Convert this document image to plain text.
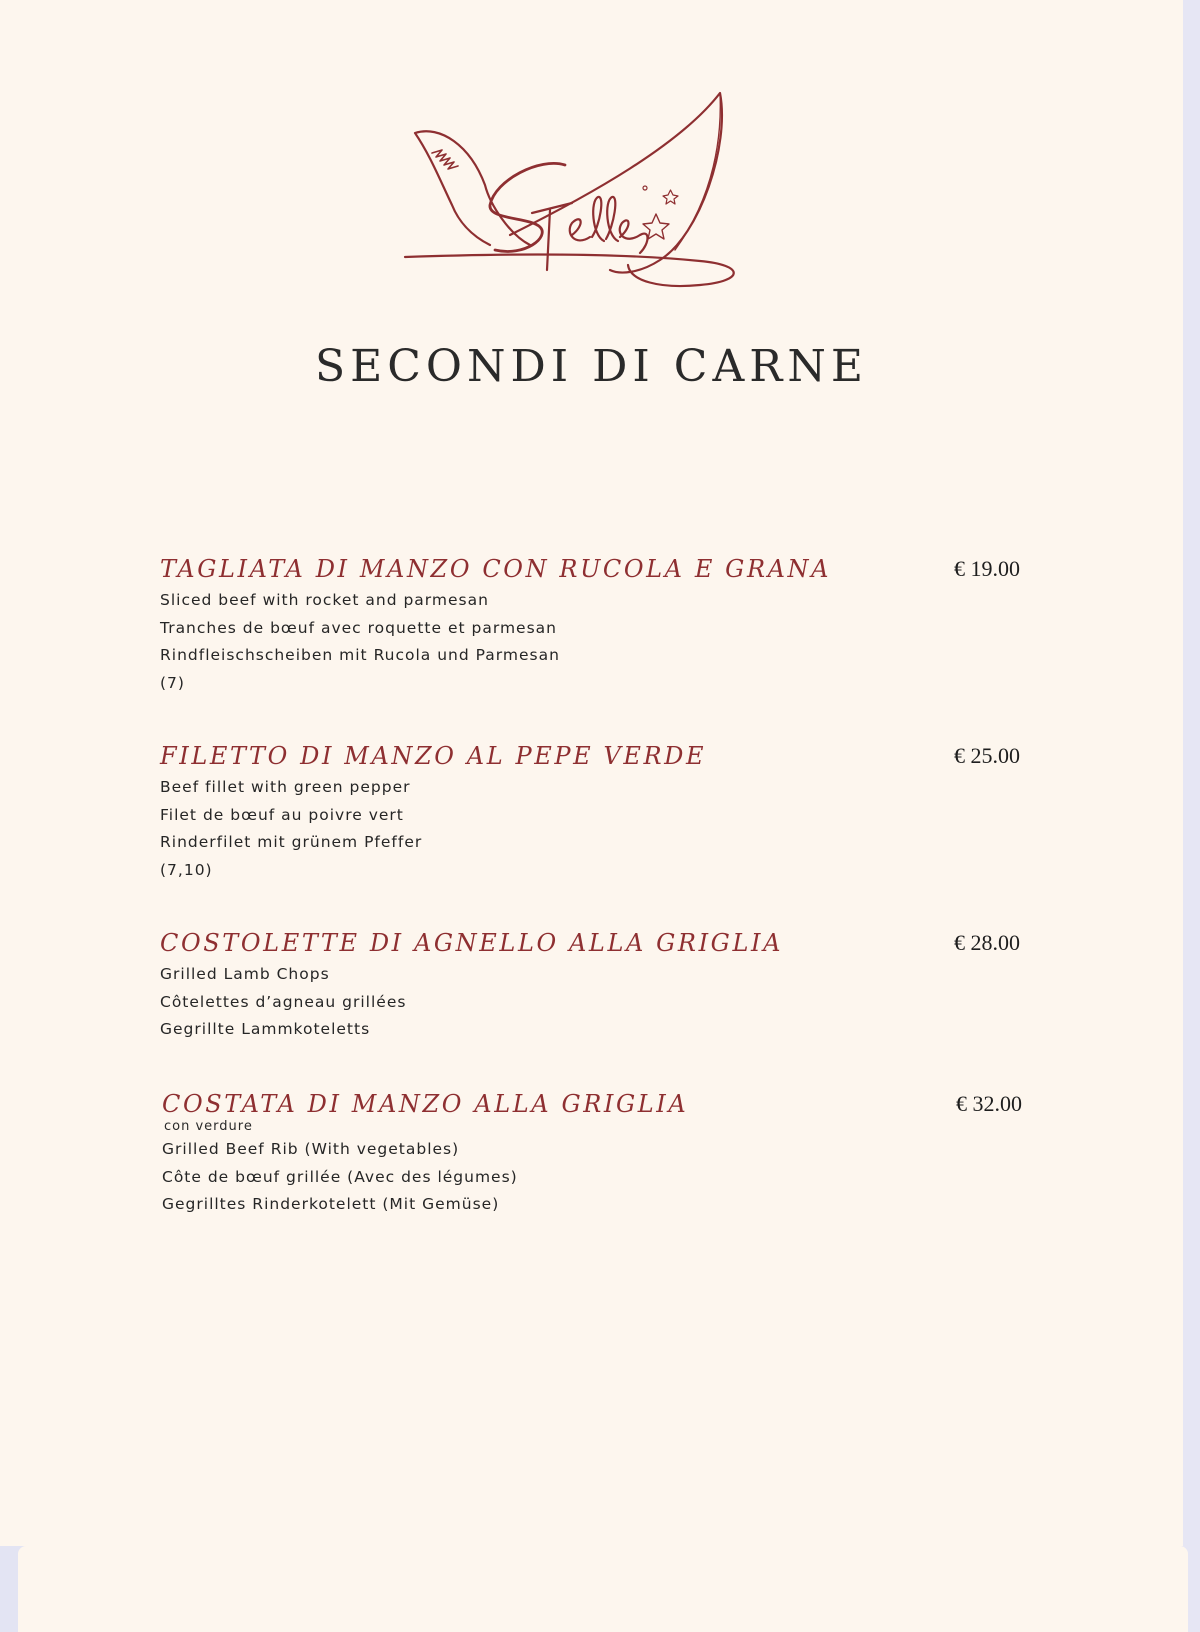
SECONDI DI CARNE
TAGLIATA DI MANZO CON RUCOLA E GRANA	€ 19.00
Sliced beef with rocket and parmesan
Tranches de bœuf avec roquette et parmesan
Rindfleischscheiben mit Rucola und Parmesan
(7)
FILETTO DI MANZO AL PEPE VERDE	€ 25.00
Beef fillet with green pepper
Filet de bœuf au poivre vert
Rinderfilet mit grünem Pfeffer
(7,10)
COSTOLETTE DI AGNELLO ALLA GRIGLIA	€ 28.00
Grilled Lamb Chops
Côtelettes d’agneau grillées
Gegrillte Lammkoteletts
COSTATA DI MANZO ALLA GRIGLIA	€ 32.00
con verdure
Grilled Beef Rib (With vegetables)
Côte de bœuf grillée (Avec des légumes)
Gegrilltes Rinderkotelett (Mit Gemüse)
